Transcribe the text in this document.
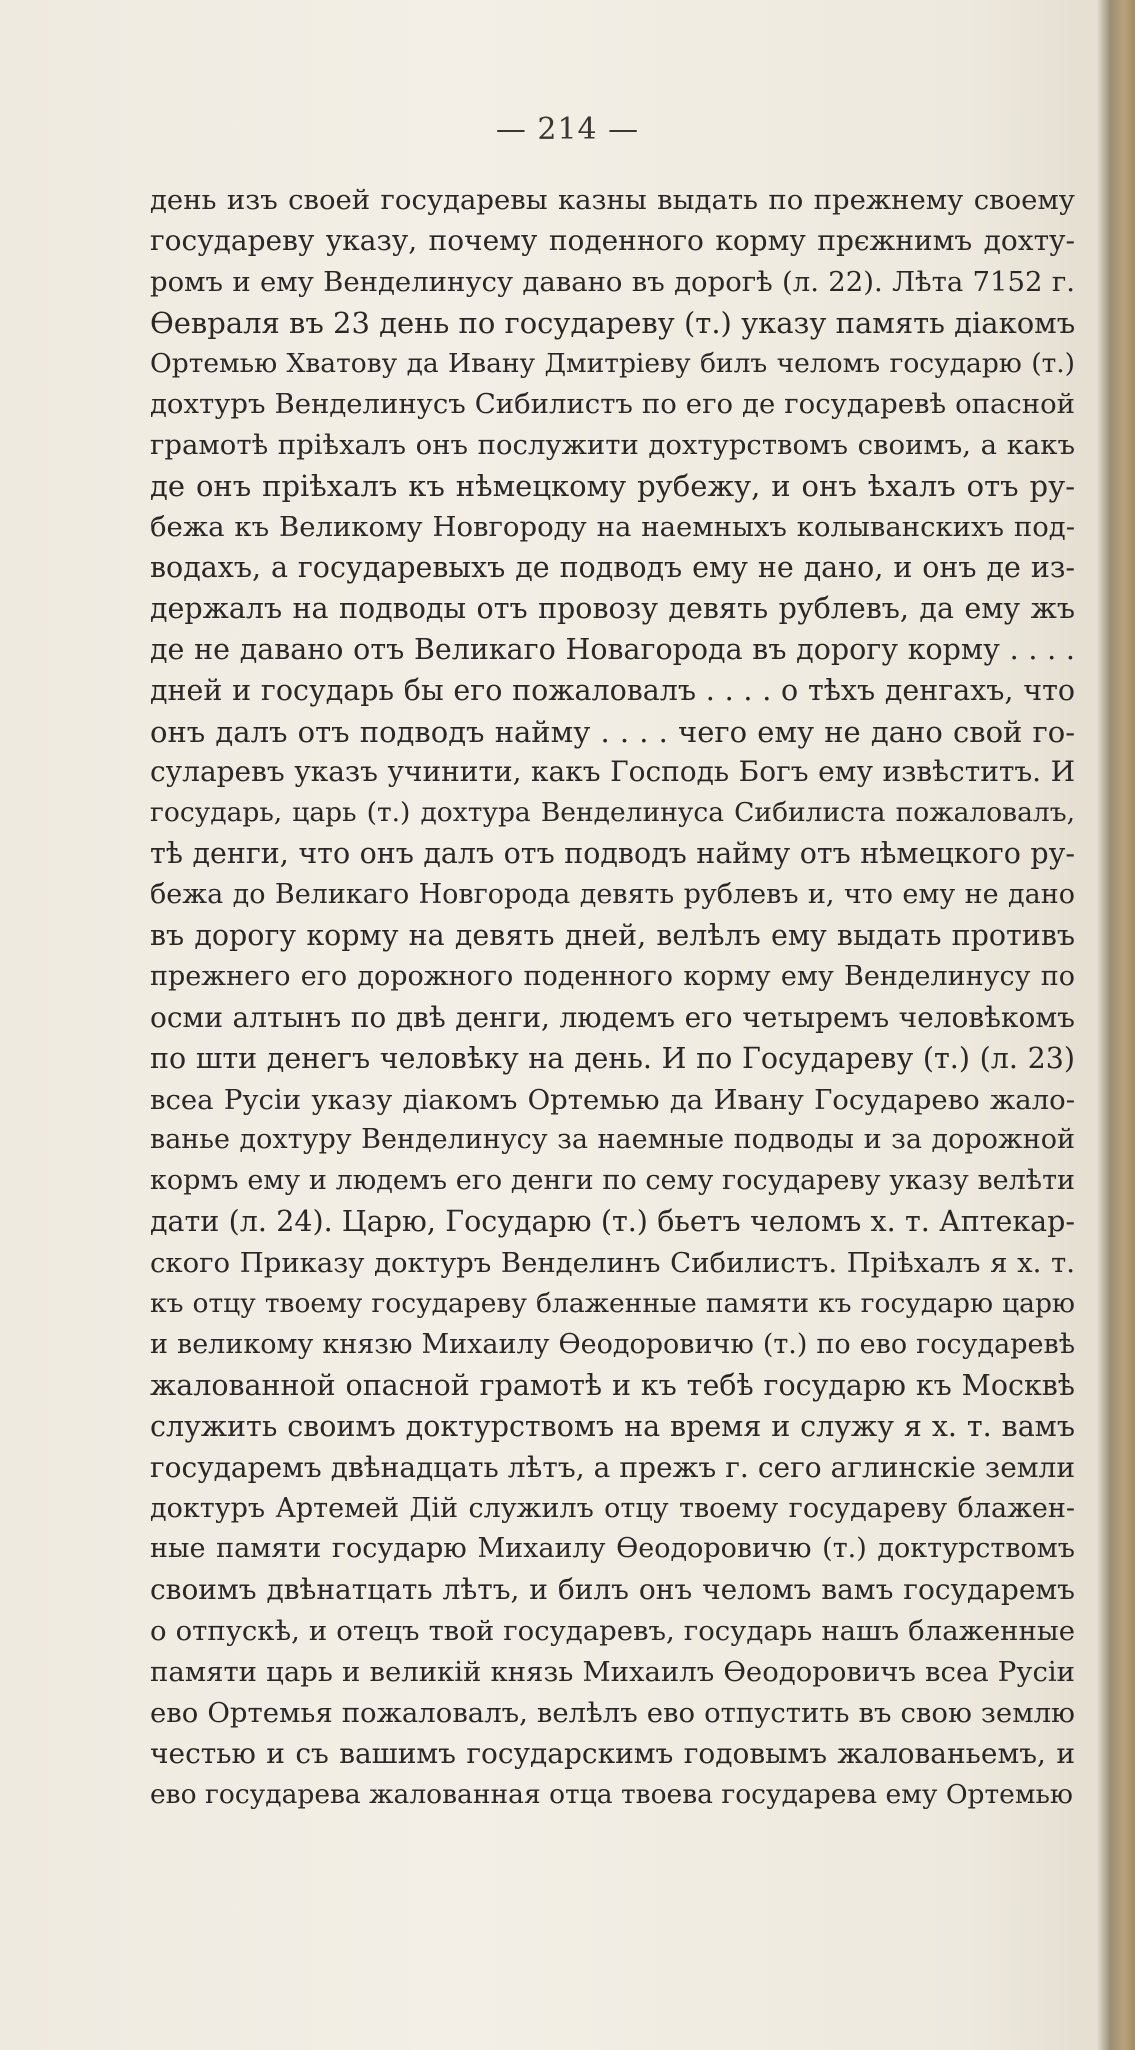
— 214 —
день изъ своей государевы казны выдать по прежнему своему
государеву указу, почему поденного корму прєжнимъ дохту-
ромъ и ему Венделинусу давано въ дорогѣ (л. 22). Лѣта 7152 г.
Ѳевраля въ 23 день по государеву (т.) указу память діакомъ
Ортемью Хватову да Ивану Дмитріеву билъ челомъ государю (т.)
дохтуръ Венделинусъ Сибилистъ по его де государевѣ опасной
грамотѣ пріѣхалъ онъ послужити дохтурствомъ своимъ, а какъ
де онъ пріѣхалъ къ нѣмецкому рубежу, и онъ ѣхалъ отъ ру-
бежа къ Великому Новгороду на наемныхъ колыванскихъ под-
водахъ, а государевыхъ де подводъ ему не дано, и онъ де из-
держалъ на подводы отъ провозу девять рублевъ, да ему жъ
де не давано отъ Великаго Новагорода въ дорогу корму . . . .
дней и государь бы его пожаловалъ . . . . о тѣхъ денгахъ, что
онъ далъ отъ подводъ найму . . . . чего ему не дано свой го-
суларевъ указъ учинити, какъ Господь Богъ ему извѣститъ. И
государь, царь (т.) дохтура Венделинуса Сибилиста пожаловалъ,
тѣ денги, что онъ далъ отъ подводъ найму отъ нѣмецкого ру-
бежа до Великаго Новгорода девять рублевъ и, что ему не дано
въ дорогу корму на девять дней, велѣлъ ему выдать противъ
прежнего его дорожного поденного корму ему Венделинусу по
осми алтынъ по двѣ денги, людемъ его четыремъ человѣкомъ
по шти денегъ человѣку на день. И по Государеву (т.) (л. 23)
всеа Русіи указу діакомъ Ортемью да Ивану Государево жало-
ванье дохтуру Венделинусу за наемные подводы и за дорожной
кормъ ему и людемъ его денги по сему государеву указу велѣти
дати (л. 24). Царю, Государю (т.) бьетъ челомъ х. т. Аптекар-
ского Приказу доктуръ Венделинъ Сибилистъ. Пріѣхалъ я х. т.
къ отцу твоему государеву блаженные памяти къ государю царю
и великому князю Михаилу Ѳеодоровичю (т.) по ево государевѣ
жалованной опасной грамотѣ и къ тебѣ государю къ Москвѣ
служить своимъ доктурствомъ на время и служу я х. т. вамъ
государемъ двѣнадцать лѣтъ, а прежъ г. сего аглинскіе земли
доктуръ Артемей Дій служилъ отцу твоему государеву блажен-
ные памяти государю Михаилу Ѳеодоровичю (т.) доктурствомъ
своимъ двѣнатцать лѣтъ, и билъ онъ челомъ вамъ государемъ
о отпускѣ, и отецъ твой государевъ, государь нашъ блаженные
памяти царь и великій князь Михаилъ Ѳеодоровичъ всеа Русіи
ево Ортемья пожаловалъ, велѣлъ ево отпустить въ свою землю
честью и съ вашимъ государскимъ годовымъ жалованьемъ, и
ево государева жалованная отца твоева государева ему Ортемью
